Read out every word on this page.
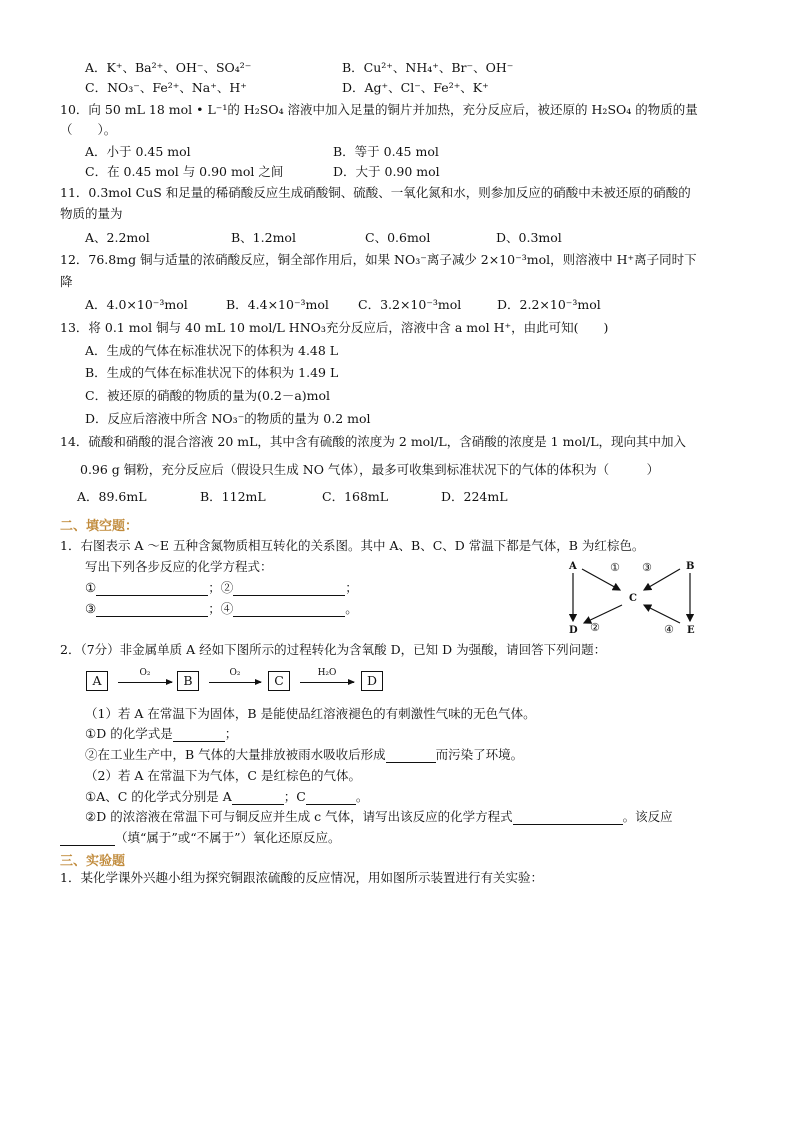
A．K⁺、Ba²⁺、OH⁻、SO₄²⁻	B．Cu²⁺、NH₄⁺、Br⁻、OH⁻
C．NO₃⁻、Fe²⁺、Na⁺、H⁺	D．Ag⁺、Cl⁻、Fe²⁺、K⁺
10．向 50 mL 18 mol • L⁻¹的 H₂SO₄ 溶液中加入足量的铜片并加热，充分反应后，被还原的 H₂SO₄ 的物质的量
（　　）。
A．小于 0.45 mol	B．等于 0.45 mol
C．在 0.45 mol 与 0.90 mol 之间	D．大于 0.90 mol
11．0.3mol CuS 和足量的稀硝酸反应生成硝酸铜、硫酸、一氧化氮和水，则参加反应的硝酸中未被还原的硝酸的
物质的量为
A、2.2mol	B、1.2mol	C、0.6mol	D、0.3mol
12．76.8mg 铜与适量的浓硝酸反应，铜全部作用后，如果 NO₃⁻离子减少 2×10⁻³mol，则溶液中 H⁺离子同时下
降
A．4.0×10⁻³mol	B．4.4×10⁻³mol C．3.2×10⁻³mol	D．2.2×10⁻³mol
13．将 0.1 mol 铜与 40 mL 10 mol/L HNO₃充分反应后，溶液中含 a mol H⁺，由此可知(　　)
A．生成的气体在标准状况下的体积为 4.48 L
B．生成的气体在标准状况下的体积为 1.49 L
C．被还原的硝酸的物质的量为(0.2－a)mol
D．反应后溶液中所含 NO₃⁻的物质的量为 0.2 mol
14．硫酸和硝酸的混合溶液 20 mL，其中含有硫酸的浓度为 2 mol/L，含硝酸的浓度是 1 mol/L，现向其中加入
0.96 g 铜粉，充分反应后（假设只生成 NO 气体），最多可收集到标准状况下的气体的体积为（　　　）
A．89.6mL	B．112mL	C．168mL	D．224mL
二、填空题：
1．右图表示 A ～E 五种含氮物质相互转化的关系图。其中 A、B、C、D 常温下都是气体，B 为红棕色。
写出下列各步反应的化学方程式：
①	；②	；
③	；④	。
A	B
C
D	E
① ③
②	④
2．（7分）非金属单质 A 经如下图所示的过程转化为含氧酸 D，已知 D 为强酸，请回答下列问题：
A	O₂	B	O₂	C	H₂O	D
（1）若 A 在常温下为固体，B 是能使品红溶液褪色的有刺激性气味的无色气体。
①D 的化学式是	；
②在工业生产中，B 气体的大量排放被雨水吸收后形成	而污染了环境。
（2）若 A 在常温下为气体，C 是红棕色的气体。
①A、C 的化学式分别是 A	；C	。
②D 的浓溶液在常温下可与铜反应并生成 c 气体，请写出该反应的化学方程式	。该反应
（填“属于”或“不属于”）氧化还原反应。
三、实验题
1．某化学课外兴趣小组为探究铜跟浓硫酸的反应情况，用如图所示装置进行有关实验：
